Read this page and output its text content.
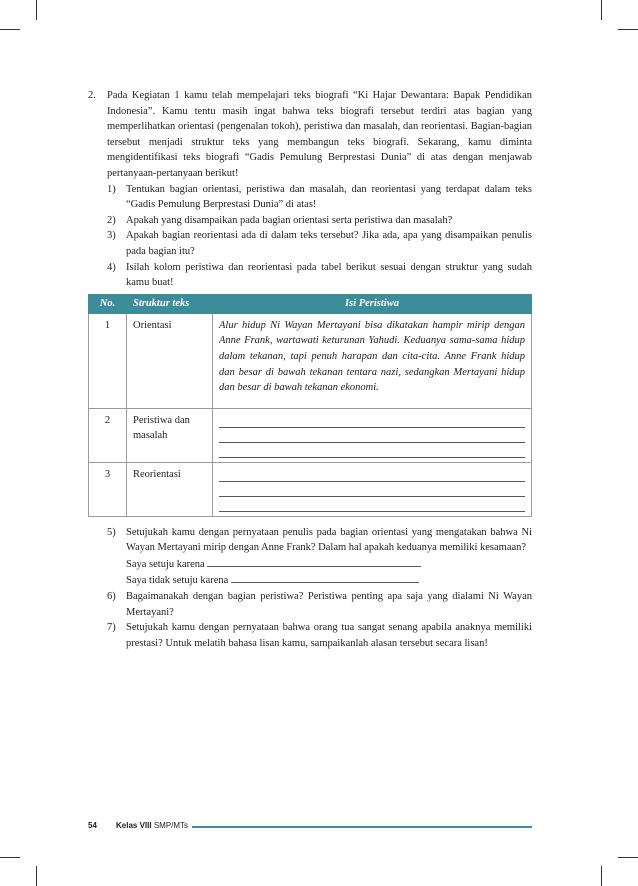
2. Pada Kegiatan 1 kamu telah mempelajari teks biografi “Ki Hajar Dewantara: Bapak Pendidikan Indonesia”. Kamu tentu masih ingat bahwa teks biografi tersebut terdiri atas bagian yang memperlihatkan orientasi (pengenalan tokoh), peristiwa dan masalah, dan reorientasi. Bagian-bagian tersebut menjadi struktur teks yang membangun teks biografi. Sekarang, kamu diminta mengidentifikasi teks biografi “Gadis Pemulung Berprestasi Dunia” di atas dengan menjawab pertanyaan-pertanyaan berikut!

1) Tentukan bagian orientasi, peristiwa dan masalah, dan reorientasi yang terdapat dalam teks “Gadis Pemulung Berprestasi Dunia” di atas!
2) Apakah yang disampaikan pada bagian orientasi serta peristiwa dan masalah?
3) Apakah bagian reorientasi ada di dalam teks tersebut? Jika ada, apa yang disampaikan penulis pada bagian itu?
4) Isilah kolom peristiwa dan reorientasi pada tabel berikut sesuai dengan struktur yang sudah kamu buat!
No.	Struktur teks	Isi Peristiwa
1	Orientasi	Alur hidup Ni Wayan Mertayani bisa dikatakan hampir mirip dengan Anne Frank, wartawati keturunan Yahudi. Keduanya sama-sama hidup dalam tekanan, tapi penuh harapan dan cita-cita. Anne Frank hidup dan besar di bawah tekanan tentara nazi, sedangkan Mertayani hidup dan besar di bawah tekanan ekonomi.
2	Peristiwa dan masalah	

3	Reorientasi	
5) Setujukah kamu dengan pernyataan penulis pada bagian orientasi yang mengatakan bahwa Ni Wayan Mertayani mirip dengan Anne Frank? Dalam hal apakah keduanya memiliki kesamaan?
Saya setuju karena
Saya tidak setuju karena
6) Bagaimanakah dengan bagian peristiwa? Peristiwa penting apa saja yang dialami Ni Wayan Mertayani?
7) Setujukah kamu dengan pernyataan bahwa orang tua sangat senang apabila anaknya memiliki prestasi? Untuk melatih bahasa lisan kamu, sampaikanlah alasan tersebut secara lisan!
54 Kelas VIII SMP/MTs
